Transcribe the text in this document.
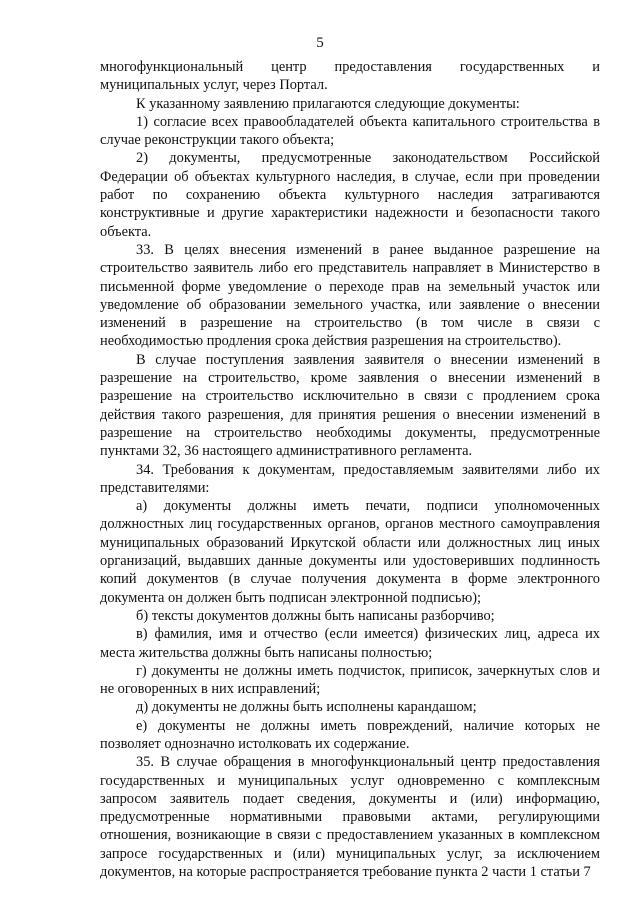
5

многофункциональный центр предоставления государственных и муниципальных услуг, через Портал.

К указанному заявлению прилагаются следующие документы:

1) согласие всех правообладателей объекта капитального строительства в случае реконструкции такого объекта;

2) документы, предусмотренные законодательством Российской Федерации об объектах культурного наследия, в случае, если при проведении работ по сохранению объекта культурного наследия затрагиваются конструктивные и другие характеристики надежности и безопасности такого объекта.

33. В целях внесения изменений в ранее выданное разрешение на строительство заявитель либо его представитель направляет в Министерство в письменной форме уведомление о переходе прав на земельный участок или уведомление об образовании земельного участка, или заявление о внесении изменений в разрешение на строительство (в том числе в связи с необходимостью продления срока действия разрешения на строительство).

В случае поступления заявления заявителя о внесении изменений в разрешение на строительство, кроме заявления о внесении изменений в разрешение на строительство исключительно в связи с продлением срока действия такого разрешения, для принятия решения о внесении изменений в разрешение на строительство необходимы документы, предусмотренные пунктами 32, 36 настоящего административного регламента.

34. Требования к документам, предоставляемым заявителями либо их представителями:

а) документы должны иметь печати, подписи уполномоченных должностных лиц государственных органов, органов местного самоуправления муниципальных образований Иркутской области или должностных лиц иных организаций, выдавших данные документы или удостоверивших подлинность копий документов (в случае получения документа в форме электронного документа он должен быть подписан электронной подписью);

б) тексты документов должны быть написаны разборчиво;

в) фамилия, имя и отчество (если имеется) физических лиц, адреса их места жительства должны быть написаны полностью;

г) документы не должны иметь подчисток, приписок, зачеркнутых слов и не оговоренных в них исправлений;

д) документы не должны быть исполнены карандашом;

е) документы не должны иметь повреждений, наличие которых не позволяет однозначно истолковать их содержание.

35. В случае обращения в многофункциональный центр предоставления государственных и муниципальных услуг одновременно с комплексным запросом заявитель подает сведения, документы и (или) информацию, предусмотренные нормативными правовыми актами, регулирующими отношения, возникающие в связи с предоставлением указанных в комплексном запросе государственных и (или) муниципальных услуг, за исключением документов, на которые распространяется требование пункта 2 части 1 статьи 7
